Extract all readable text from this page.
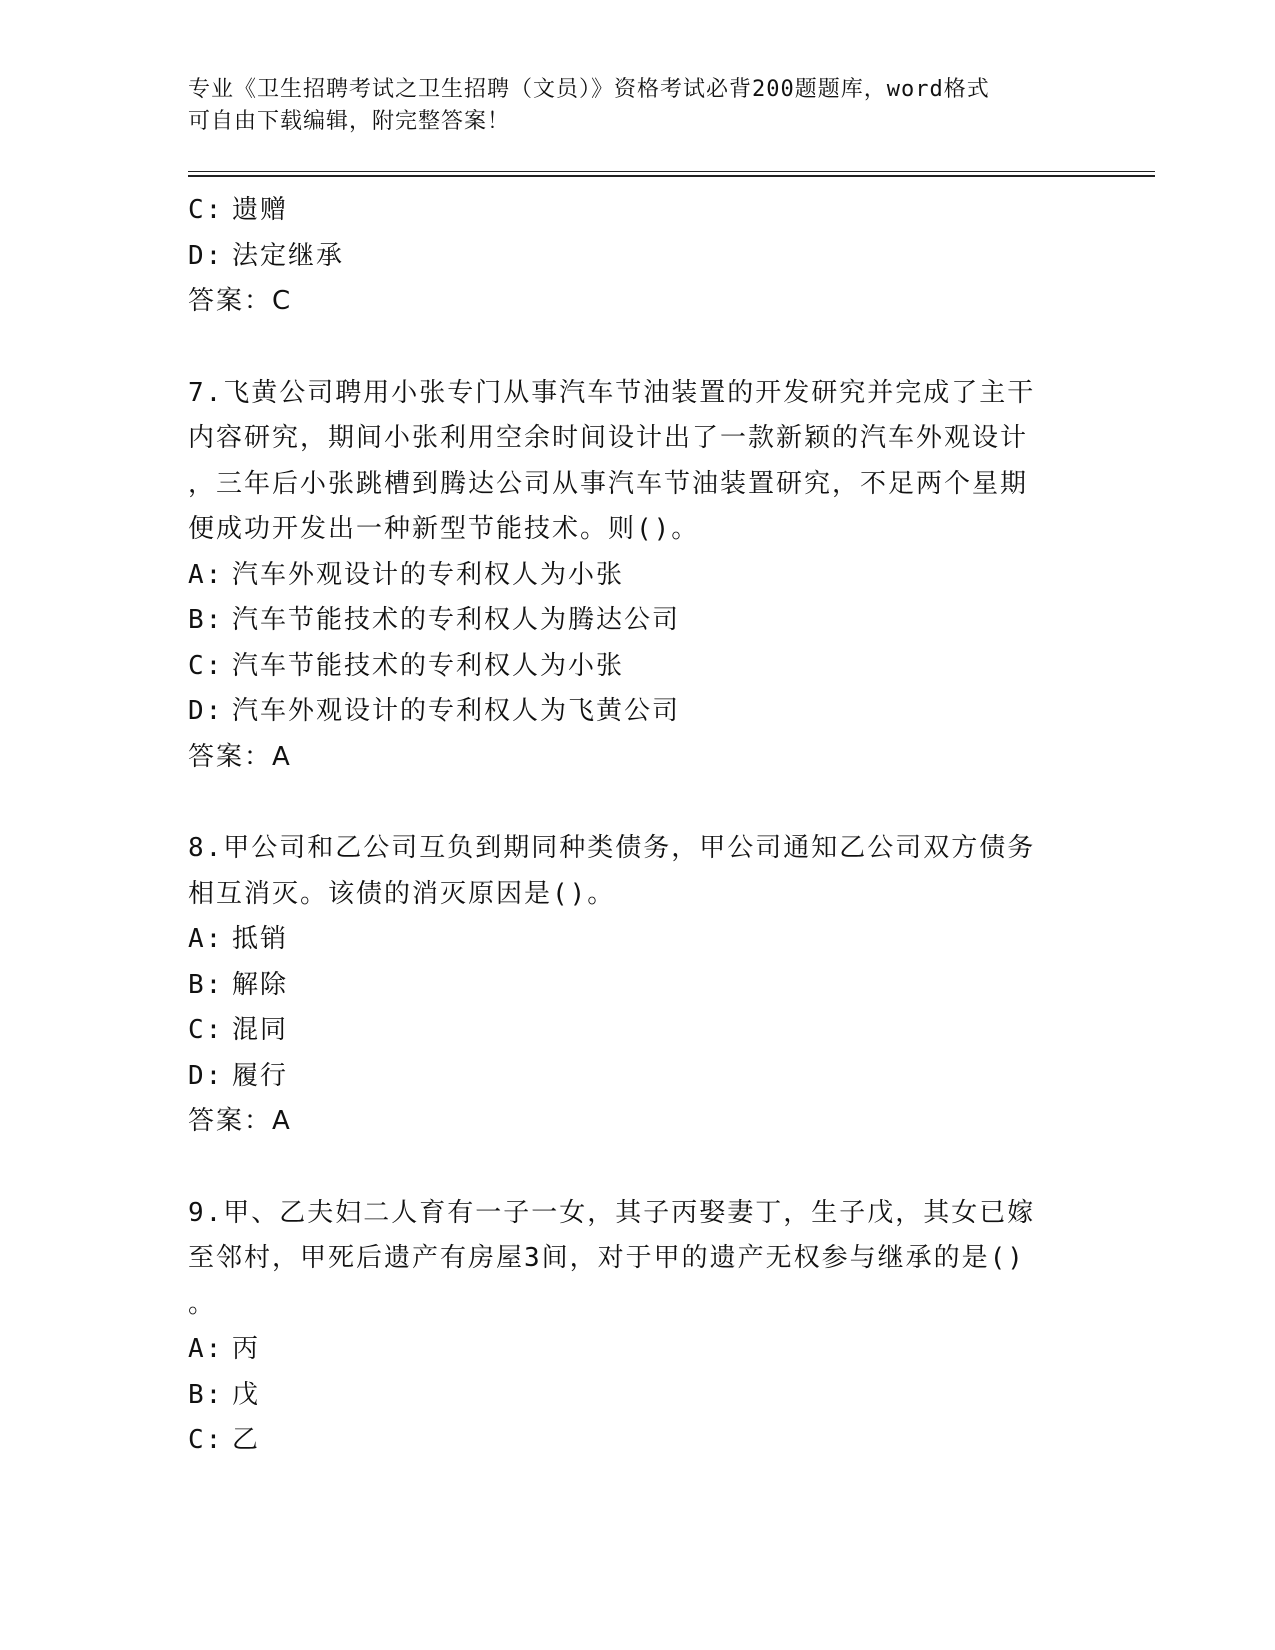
专业《卫生招聘考试之卫生招聘（文员）》资格考试必背200题题库，word格式
可自由下载编辑，附完整答案！

C: 遗赠

D: 法定继承

答案：C

7.飞黄公司聘用小张专门从事汽车节油装置的开发研究并完成了主干

内容研究，期间小张利用空余时间设计出了一款新颖的汽车外观设计

，三年后小张跳槽到腾达公司从事汽车节油装置研究，不足两个星期

便成功开发出一种新型节能技术。则()。

A: 汽车外观设计的专利权人为小张

B: 汽车节能技术的专利权人为腾达公司

C: 汽车节能技术的专利权人为小张

D: 汽车外观设计的专利权人为飞黄公司

答案：A

8.甲公司和乙公司互负到期同种类债务，甲公司通知乙公司双方债务

相互消灭。该债的消灭原因是()。

A: 抵销

B: 解除

C: 混同

D: 履行

答案：A

9.甲、乙夫妇二人育有一子一女，其子丙娶妻丁，生子戊，其女已嫁

至邻村，甲死后遗产有房屋3间，对于甲的遗产无权参与继承的是()

。

A: 丙

B: 戊

C: 乙
